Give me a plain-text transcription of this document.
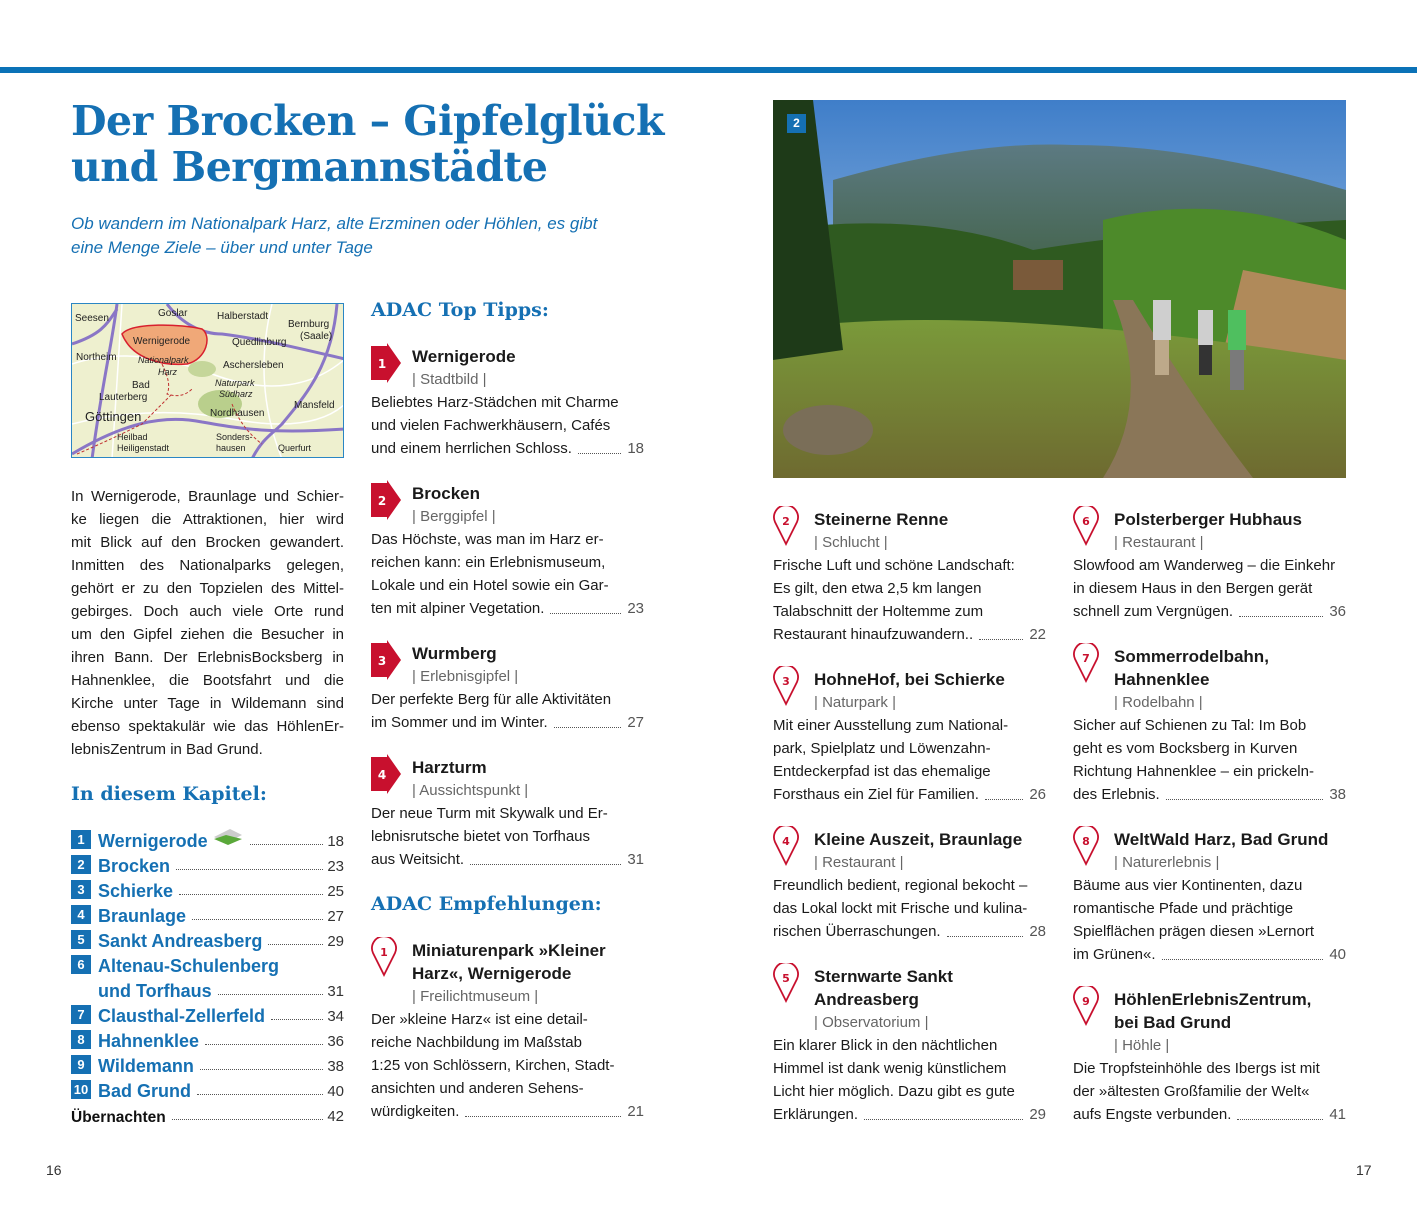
Der Brocken – Gipfelglück
und Bergmannstädte
Ob wandern im Nationalpark Harz, alte Erzminen oder Höhlen, es gibt
eine Menge Ziele – über und unter Tage
Seesen	Goslar	Halberstadt
Bernburg
(Saale)
Wernigerode	Quedlinburg
Northeim Nationalpark
Harz
Aschersleben
Bad
Lauterberg
Naturpark
Südharz
Göttingen	Nordhausen
Mansfeld
Heilbad
Heiligenstadt
Sonders-
hausen	Querfurt
In Wernigerode, Braunlage und Schier-
ke liegen die Attraktionen, hier wird
mit Blick auf den Brocken gewandert.
Inmitten des Nationalparks gelegen,
gehört er zu den Topzielen des Mittel-
gebirges. Doch auch viele Orte rund
um den Gipfel ziehen die Besucher in
ihren Bann. Der ErlebnisBocksberg in
Hahnenklee, die Bootsfahrt und die
Kirche unter Tage in Wildemann sind
ebenso spektakulär wie das HöhlenEr-
lebnisZentrum in Bad Grund.
In diesem Kapitel:
1 Wernigerode	18
2 Brocken	23
3 Schierke	25
4 Braunlage	27
5 Sankt Andreasberg	29
6 Altenau-Schulenberg
und Torfhaus	31
7 Clausthal-Zellerfeld	34
8 Hahnenklee	36
9 Wildemann	38
10 Bad Grund	40
Übernachten	42
ADAC Top Tipps:
1 Wernigerode
| Stadtbild |
Beliebtes Harz-Städchen mit Charme
und vielen Fachwerkhäusern, Cafés
und einem herrlichen Schloss.	18
2 Brocken
| Berggipfel |
Das Höchste, was man im Harz er-
reichen kann: ein Erlebnismuseum,
Lokale und ein Hotel sowie ein Gar-
ten mit alpiner Vegetation.	23
3 Wurmberg
| Erlebnisgipfel |
Der perfekte Berg für alle Aktivitäten
im Sommer und im Winter.	27
4 Harzturm
| Aussichtspunkt |
Der neue Turm mit Skywalk und Er-
lebnisrutsche bietet von Torfhaus
aus Weitsicht.	31
ADAC Empfehlungen:
1 Miniaturenpark »Kleiner
Harz«, Wernigerode
| Freilichtmuseum |
Der »kleine Harz« ist eine detail-
reiche Nachbildung im Maßstab
1:25 von Schlössern, Kirchen, Stadt-
ansichten und anderen Sehens-
würdigkeiten.	21
2
2 Steinerne Renne
| Schlucht |
Frische Luft und schöne Landschaft:
Es gilt, den etwa 2,5 km langen
Talabschnitt der Holtemme zum
Restaurant hinaufzuwandern..	22
3 HohneHof, bei Schierke
| Naturpark |
Mit einer Ausstellung zum National-
park, Spielplatz und Löwenzahn-
Entdeckerpfad ist das ehemalige
Forsthaus ein Ziel für Familien.	26
4 Kleine Auszeit, Braunlage
| Restaurant |
Freundlich bedient, regional bekocht –
das Lokal lockt mit Frische und kulina-
rischen Überraschungen.	28
5 Sternwarte Sankt
Andreasberg
| Observatorium |
Ein klarer Blick in den nächtlichen
Himmel ist dank wenig künstlichem
Licht hier möglich. Dazu gibt es gute
Erklärungen.	29
6 Polsterberger Hubhaus
| Restaurant |
Slowfood am Wanderweg – die Einkehr
in diesem Haus in den Bergen gerät
schnell zum Vergnügen.	36
7 Sommerrodelbahn,
Hahnenklee
| Rodelbahn |
Sicher auf Schienen zu Tal: Im Bob
geht es vom Bocksberg in Kurven
Richtung Hahnenklee – ein prickeln-
des Erlebnis.	38
8 WeltWald Harz, Bad Grund
| Naturerlebnis |
Bäume aus vier Kontinenten, dazu
romantische Pfade und prächtige
Spielflächen prägen diesen »Lernort
im Grünen«.	40
9 HöhlenErlebnisZentrum,
bei Bad Grund
| Höhle |
Die Tropfsteinhöhle des Ibergs ist mit
der »ältesten Großfamilie der Welt«
aufs Engste verbunden.	41
16	17
